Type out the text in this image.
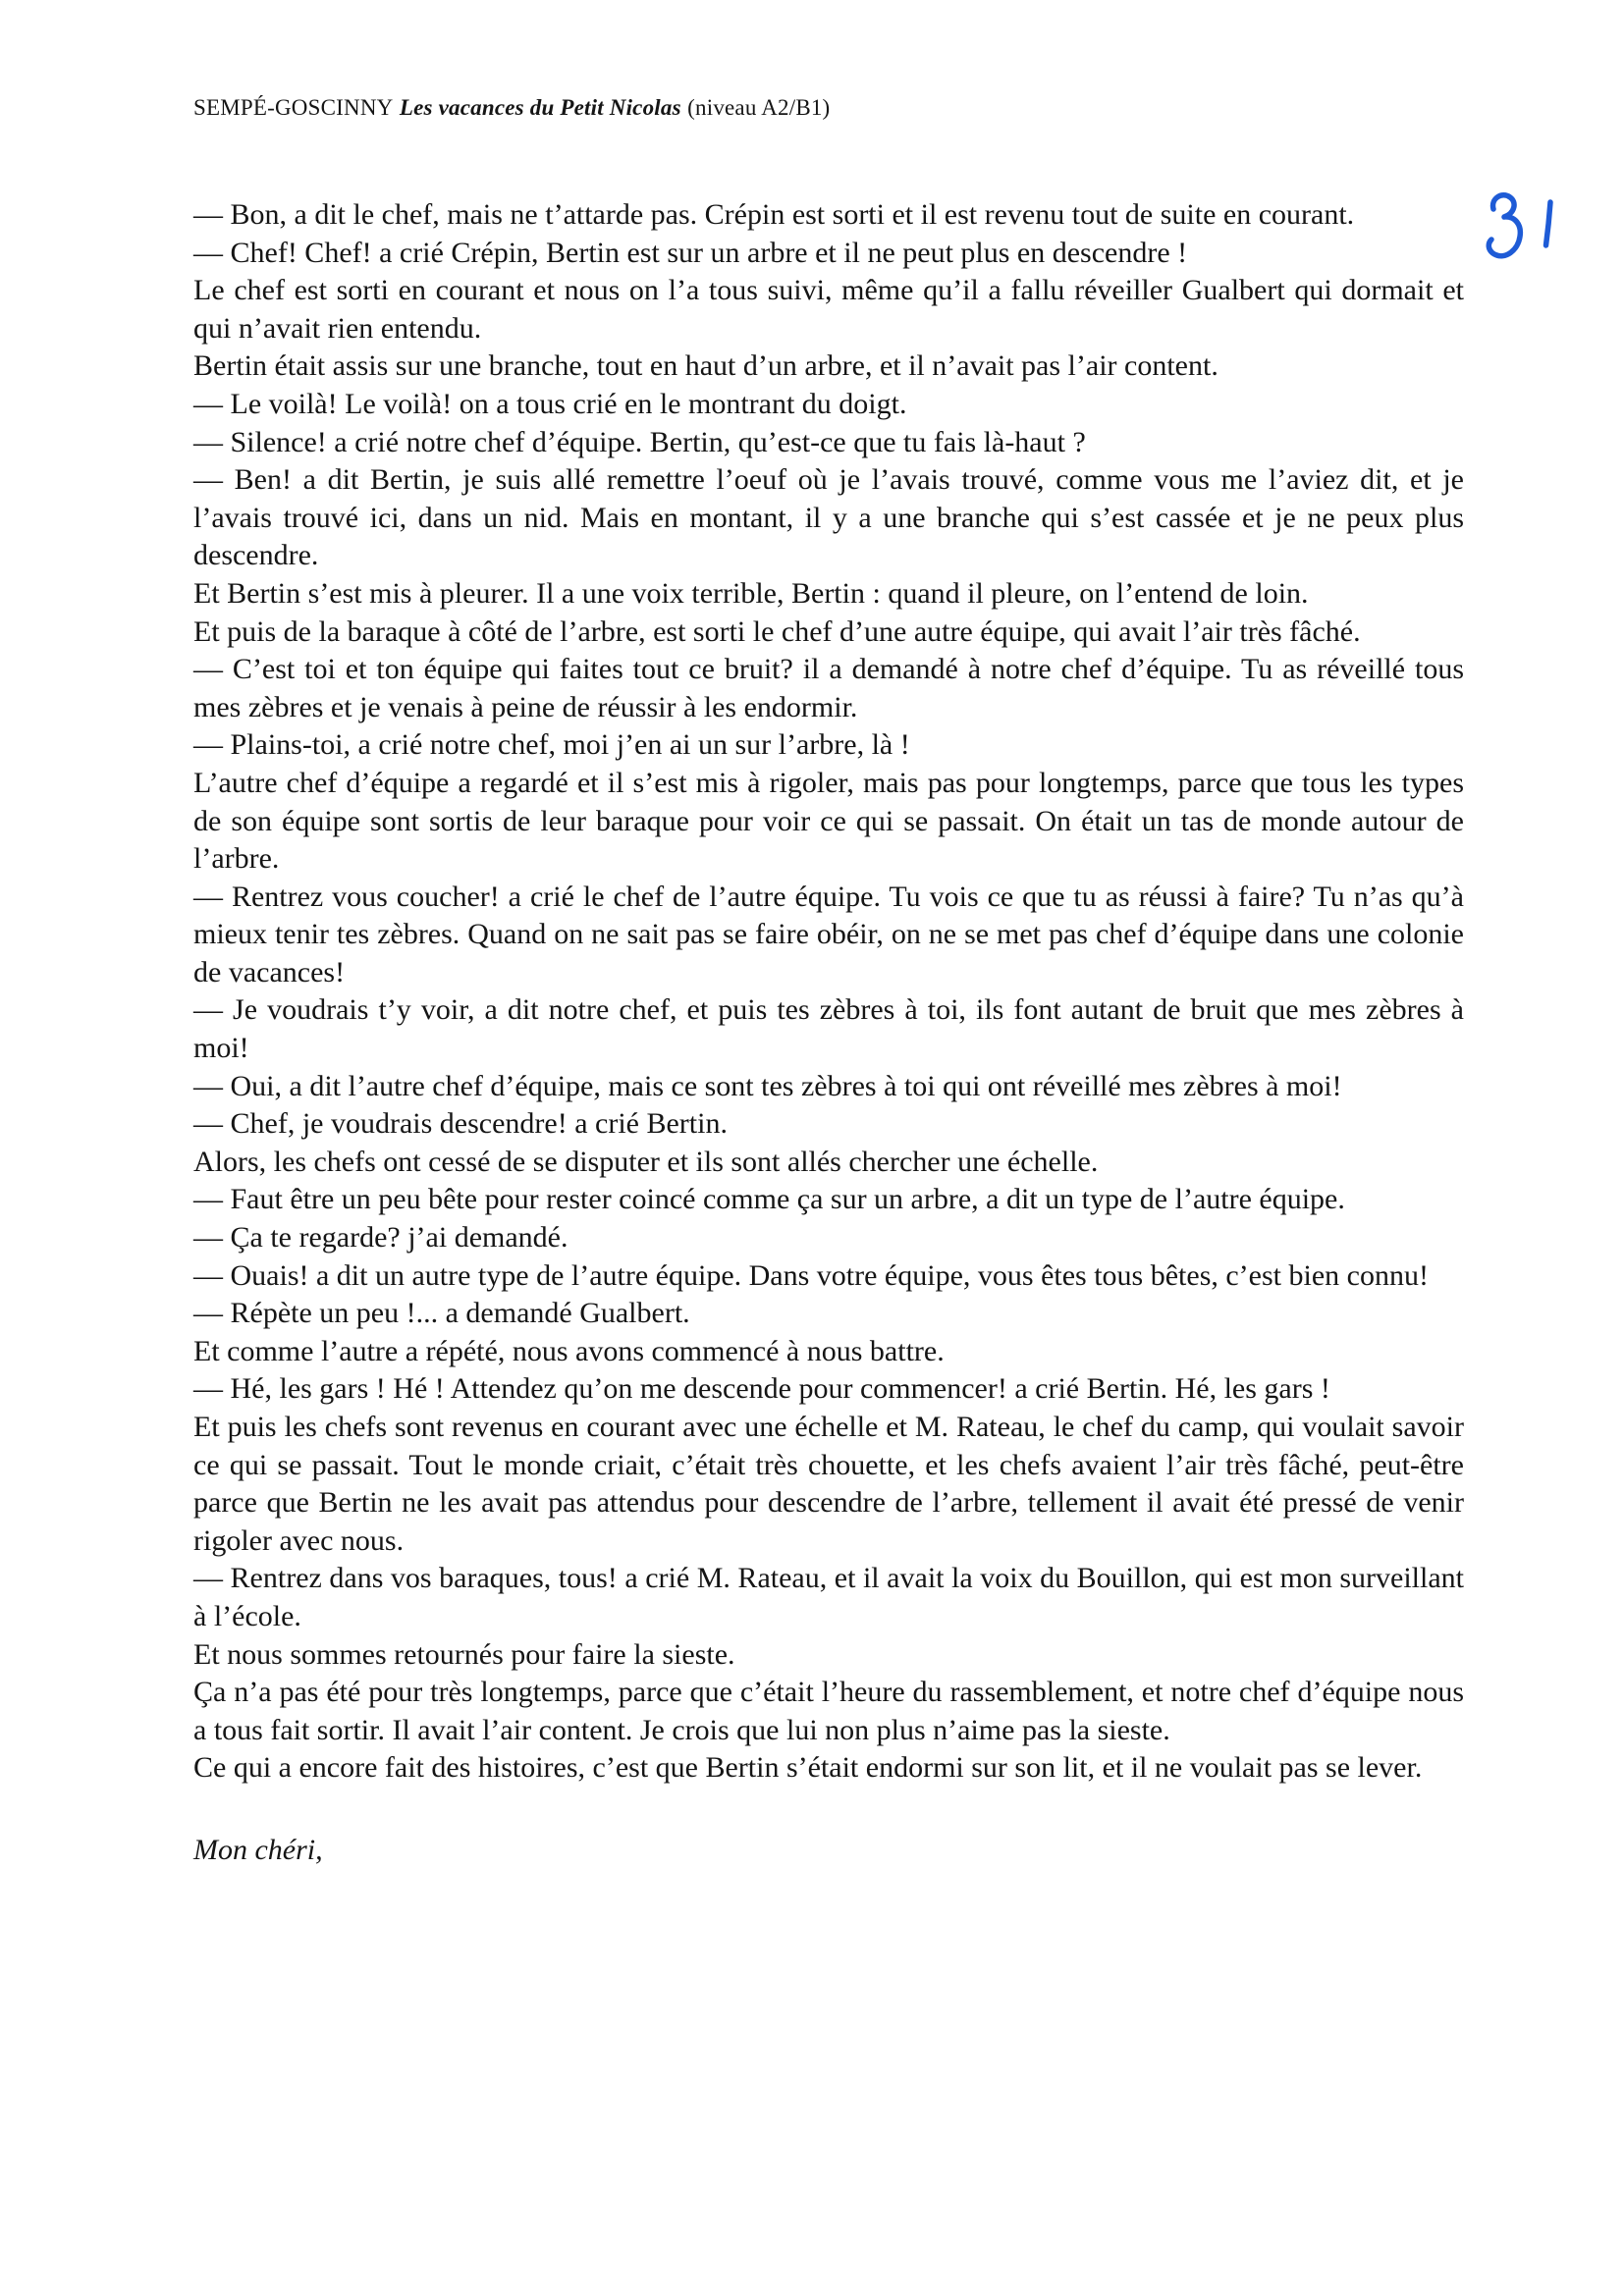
SEMPÉ-GOSCINNY Les vacances du Petit Nicolas (niveau A2/B1)

— Bon, a dit le chef, mais ne t’attarde pas. Crépin est sorti et il est revenu tout de suite en courant.

— Chef! Chef! a crié Crépin, Bertin est sur un arbre et il ne peut plus en descendre !

Le chef est sorti en courant et nous on l’a tous suivi, même qu’il a fallu réveiller Gualbert qui dormait et qui n’avait rien entendu.

Bertin était assis sur une branche, tout en haut d’un arbre, et il n’avait pas l’air content.

— Le voilà! Le voilà! on a tous crié en le montrant du doigt.

— Silence! a crié notre chef d’équipe. Bertin, qu’est-ce que tu fais là-haut ?

— Ben! a dit Bertin, je suis allé remettre l’oeuf où je l’avais trouvé, comme vous me l’aviez dit, et je l’avais trouvé ici, dans un nid. Mais en montant, il y a une branche qui s’est cassée et je ne peux plus descendre.

Et Bertin s’est mis à pleurer. Il a une voix terrible, Bertin : quand il pleure, on l’entend de loin.

Et puis de la baraque à côté de l’arbre, est sorti le chef d’une autre équipe, qui avait l’air très fâché.

— C’est toi et ton équipe qui faites tout ce bruit? il a demandé à notre chef d’équipe. Tu as réveillé tous mes zèbres et je venais à peine de réussir à les endormir.

— Plains-toi, a crié notre chef, moi j’en ai un sur l’arbre, là !

L’autre chef d’équipe a regardé et il s’est mis à rigoler, mais pas pour longtemps, parce que tous les types de son équipe sont sortis de leur baraque pour voir ce qui se passait. On était un tas de monde autour de l’arbre.

— Rentrez vous coucher! a crié le chef de l’autre équipe. Tu vois ce que tu as réussi à faire? Tu n’as qu’à mieux tenir tes zèbres. Quand on ne sait pas se faire obéir, on ne se met pas chef d’équipe dans une colonie de vacances!

— Je voudrais t’y voir, a dit notre chef, et puis tes zèbres à toi, ils font autant de bruit que mes zèbres à moi!

— Oui, a dit l’autre chef d’équipe, mais ce sont tes zèbres à toi qui ont réveillé mes zèbres à moi!

— Chef, je voudrais descendre! a crié Bertin.

Alors, les chefs ont cessé de se disputer et ils sont allés chercher une échelle.

— Faut être un peu bête pour rester coincé comme ça sur un arbre, a dit un type de l’autre équipe.

— Ça te regarde? j’ai demandé.

— Ouais! a dit un autre type de l’autre équipe. Dans votre équipe, vous êtes tous bêtes, c’est bien connu!

— Répète un peu !... a demandé Gualbert.

Et comme l’autre a répété, nous avons commencé à nous battre.

— Hé, les gars ! Hé ! Attendez qu’on me descende pour commencer! a crié Bertin. Hé, les gars !

Et puis les chefs sont revenus en courant avec une échelle et M. Rateau, le chef du camp, qui voulait savoir ce qui se passait. Tout le monde criait, c’était très chouette, et les chefs avaient l’air très fâché, peut-être parce que Bertin ne les avait pas attendus pour descendre de l’arbre, tellement il avait été pressé de venir rigoler avec nous.

— Rentrez dans vos baraques, tous! a crié M. Rateau, et il avait la voix du Bouillon, qui est mon surveillant à l’école.

Et nous sommes retournés pour faire la sieste.

Ça n’a pas été pour très longtemps, parce que c’était l’heure du rassemblement, et notre chef d’équipe nous a tous fait sortir. Il avait l’air content. Je crois que lui non plus n’aime pas la sieste.

Ce qui a encore fait des histoires, c’est que Bertin s’était endormi sur son lit, et il ne voulait pas se lever.

Mon chéri,
